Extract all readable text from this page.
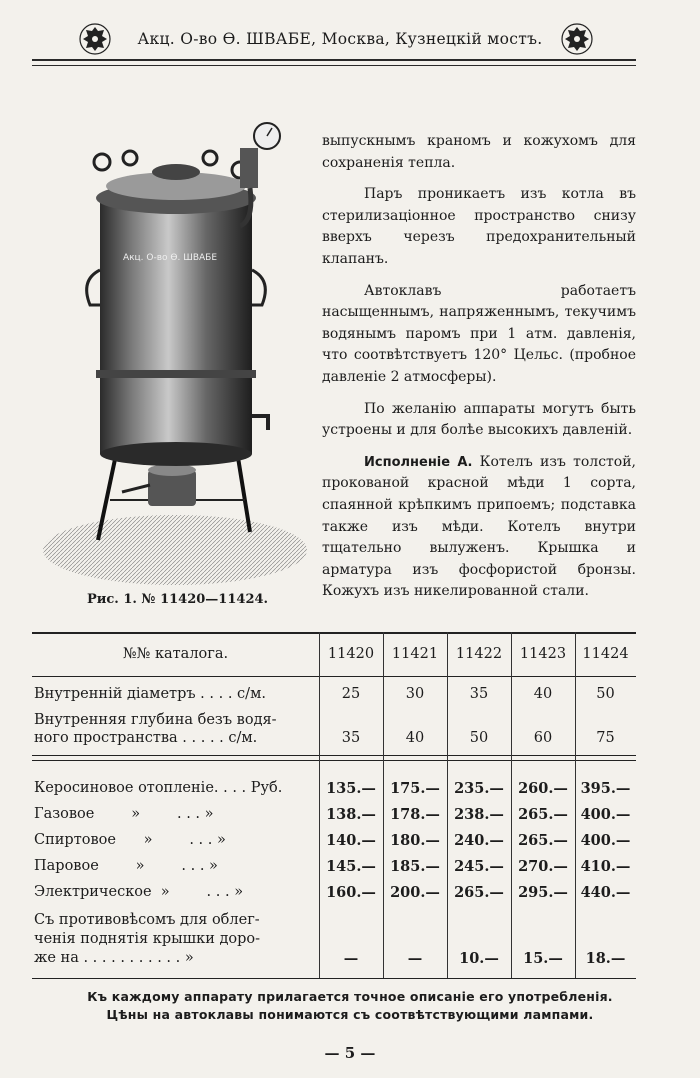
Акц. О-во Ѳ. ШВАБЕ, Москва, Кузнецкій мостъ.
Акц. О-во Ѳ. ШВАБЕ
Рис. 1. № 11420—11424.

выпускнымъ краномъ и кожухомъ для сохраненія тепла.

Паръ проникаетъ изъ котла въ стерилизаціонное пространство снизу вверхъ черезъ предохранительный клапанъ.

Автоклавъ работаетъ насыщеннымъ, напряженнымъ, текучимъ водянымъ паромъ при 1 атм. давленія, что соотвѣтствуетъ 120° Цельс. (пробное давленіе 2 атмосферы).

По желанію аппараты могутъ быть устроены и для болѣе высокихъ давленій.

Исполненіе А. Котелъ изъ толстой, прокованой красной мѣди 1 сорта, спаянной крѣпкимъ припоемъ; подставка также изъ мѣди. Котелъ внутри тщательно вылуженъ. Крышка и арматура изъ фосфористой бронзы. Кожухъ изъ никелированной стали.

№№ каталога.	11420	11421	11422	11423	11424
Внутренній діаметръ . . . . с/м.	25	30	35	40	50
Внутренняя глубина безъ водя-
ного пространства . . . . . с/м.	35	40	50	60	75
Керосиновое отопленіе. . . . Руб.	135.— 175.— 235.— 260.— 395.—
Газовое        »        . . . »	138.— 178.— 238.— 265.— 400.—
Спиртовое      »        . . . »	140.— 180.— 240.— 265.— 400.—
Паровое        »        . . . »	145.— 185.— 245.— 270.— 410.—
Электрическое  »        . . . »	160.— 200.— 265.— 295.— 440.—
Съ противовѣсомъ для облег-
ченія поднятія крышки доро-
же на . . . . . . . . . . . »	—	—	10.—	15.—	18.—
Къ каждому аппарату прилагается точное описаніе его употребленія.
Цѣны на автоклавы понимаются съ соотвѣтствующими лампами.
— 5 —
